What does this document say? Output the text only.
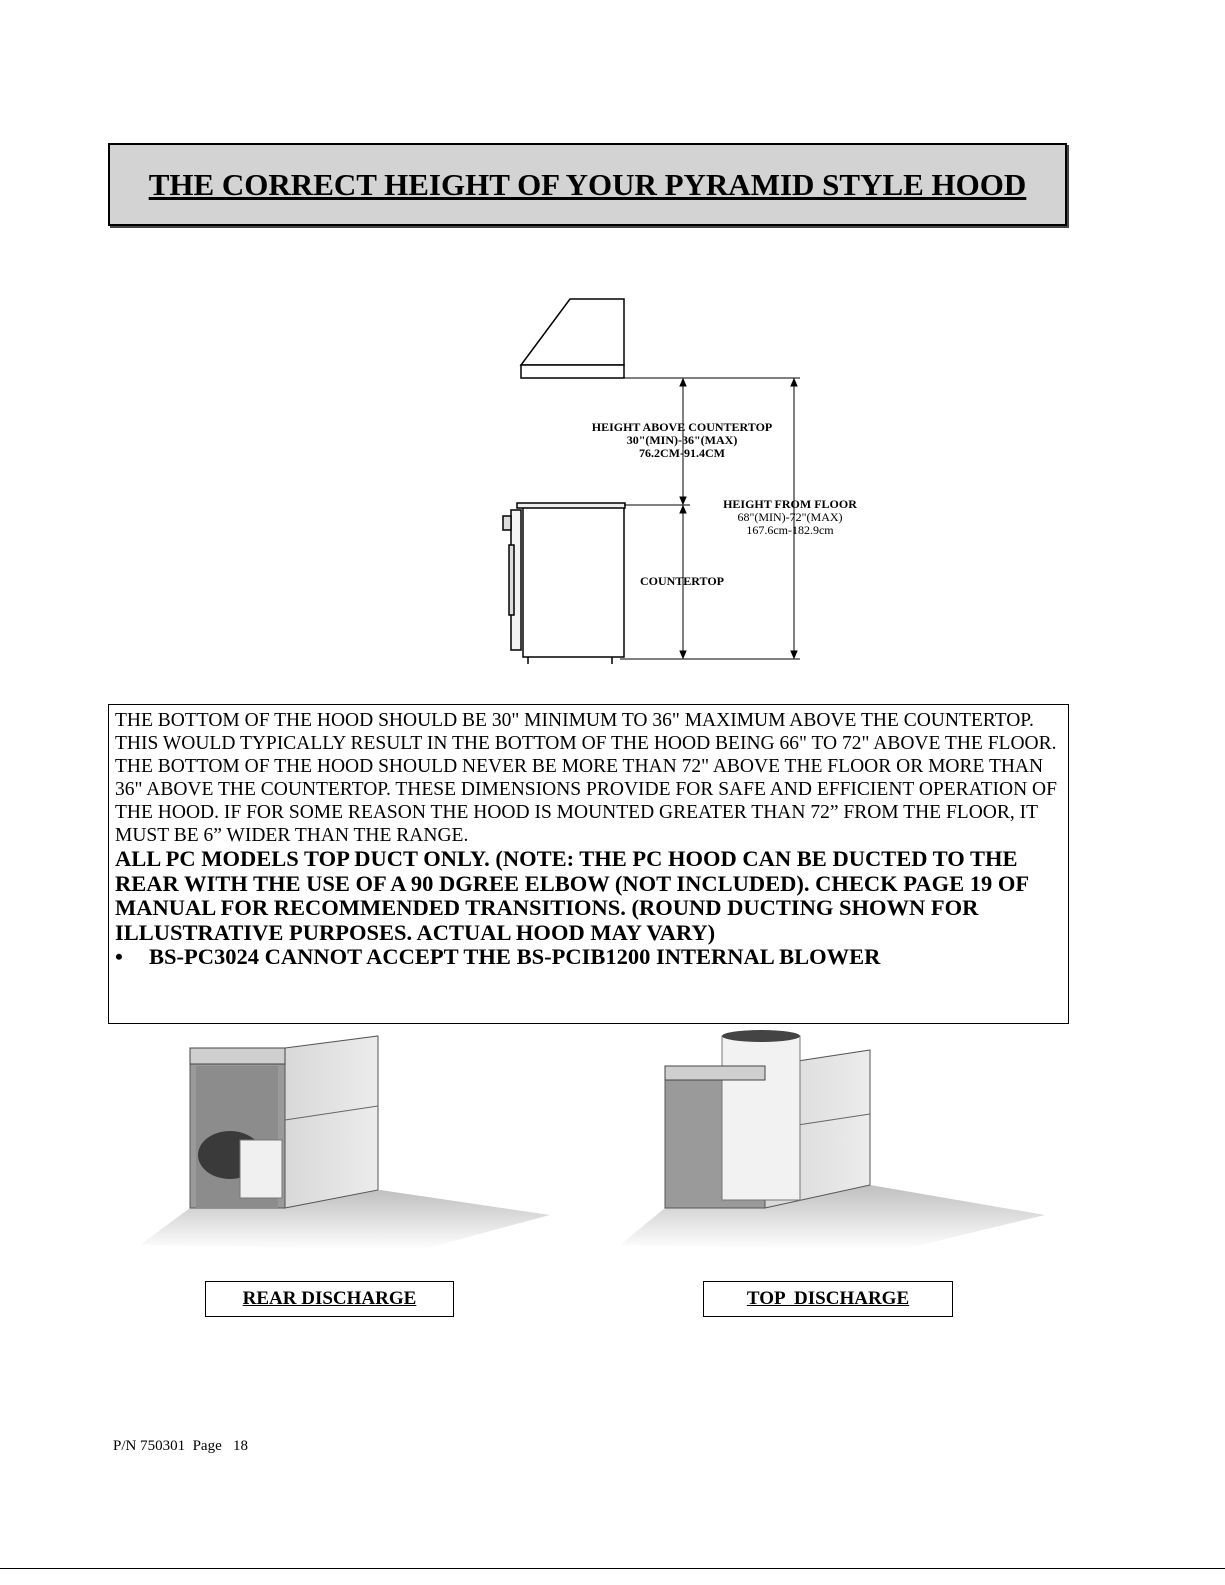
THE CORRECT HEIGHT OF YOUR PYRAMID STYLE HOOD
HEIGHT ABOVE COUNTERTOP
30"(MIN)-36"(MAX)
76.2CM-91.4CM
HEIGHT FROM FLOOR
68"(MIN)-72"(MAX)
167.6cm-182.9cm
COUNTERTOP

THE BOTTOM OF THE HOOD SHOULD BE 30" MINIMUM TO 36" MAXIMUM ABOVE THE COUNTERTOP. THIS WOULD TYPICALLY RESULT IN THE BOTTOM OF THE HOOD BEING 66" TO 72" ABOVE THE FLOOR. THE BOTTOM OF THE HOOD SHOULD NEVER BE MORE THAN 72" ABOVE THE FLOOR OR MORE THAN 36" ABOVE THE COUNTERTOP. THESE DIMENSIONS PROVIDE FOR SAFE AND EFFICIENT OPERATION OF THE HOOD. IF FOR SOME REASON THE HOOD IS MOUNTED GREATER THAN 72” FROM THE FLOOR, IT MUST BE 6” WIDER THAN THE RANGE.

ALL PC MODELS TOP DUCT ONLY. (NOTE: THE PC HOOD CAN BE DUCTED TO THE REAR WITH THE USE OF A 90 DGREE ELBOW (NOT INCLUDED). CHECK PAGE 19 OF MANUAL FOR RECOMMENDED TRANSITIONS. (ROUND DUCTING SHOWN FOR ILLUSTRATIVE PURPOSES. ACTUAL HOOD MAY VARY)

•	BS-PC3024 CANNOT ACCEPT THE BS-PCIB1200 INTERNAL BLOWER
REAR DISCHARGE	TOP  DISCHARGE
P/N 750301  Page   18
